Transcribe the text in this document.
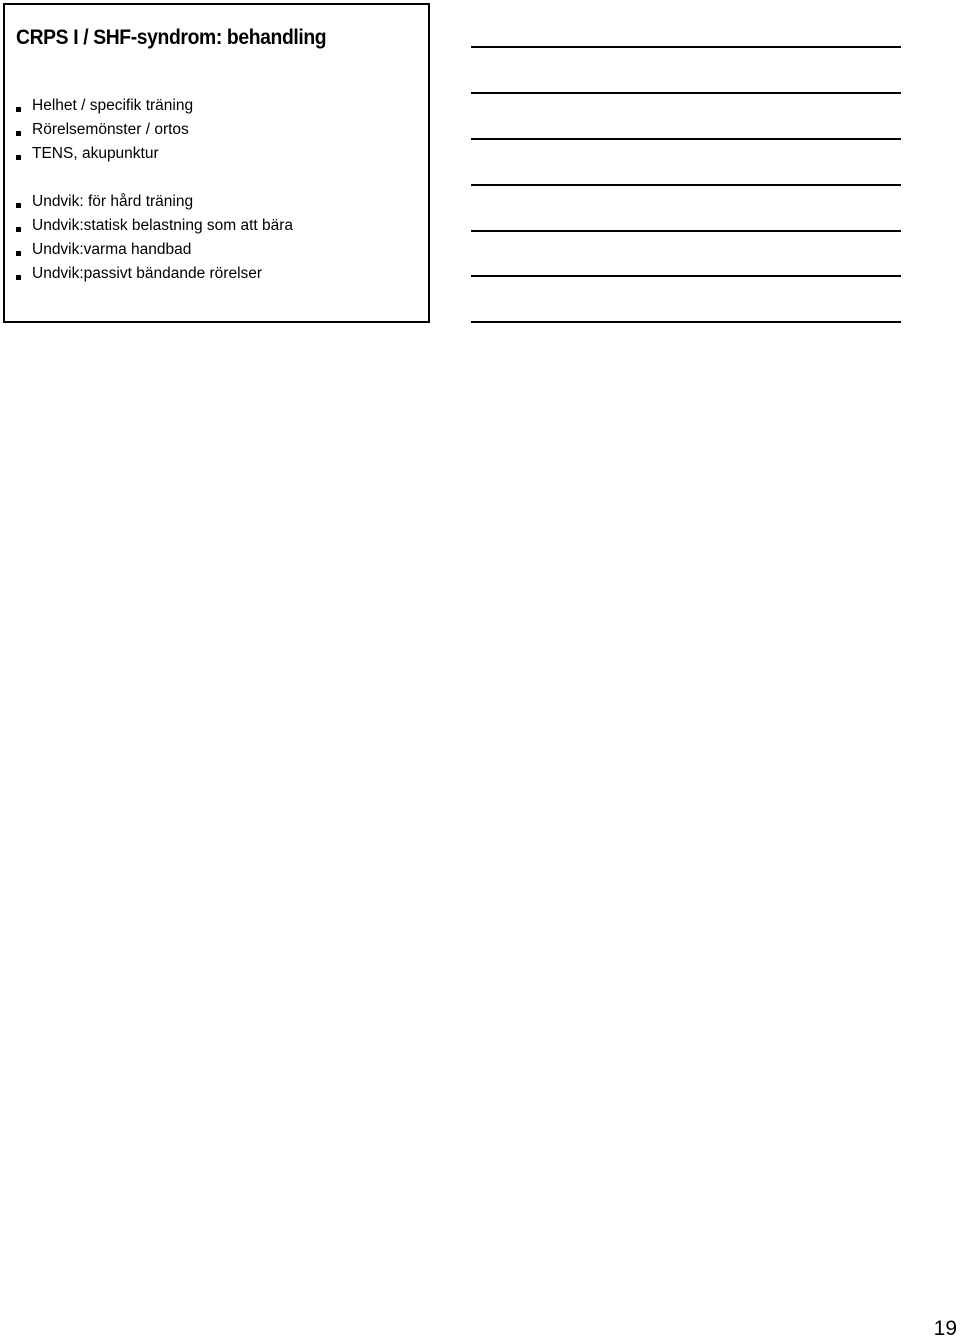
CRPS I / SHF-syndrom: behandling
Helhet / specifik träning
Rörelsemönster / ortos
TENS, akupunktur
Undvik: för hård träning
Undvik:statisk belastning som att bära
Undvik:varma handbad
Undvik:passivt bändande rörelser
19
